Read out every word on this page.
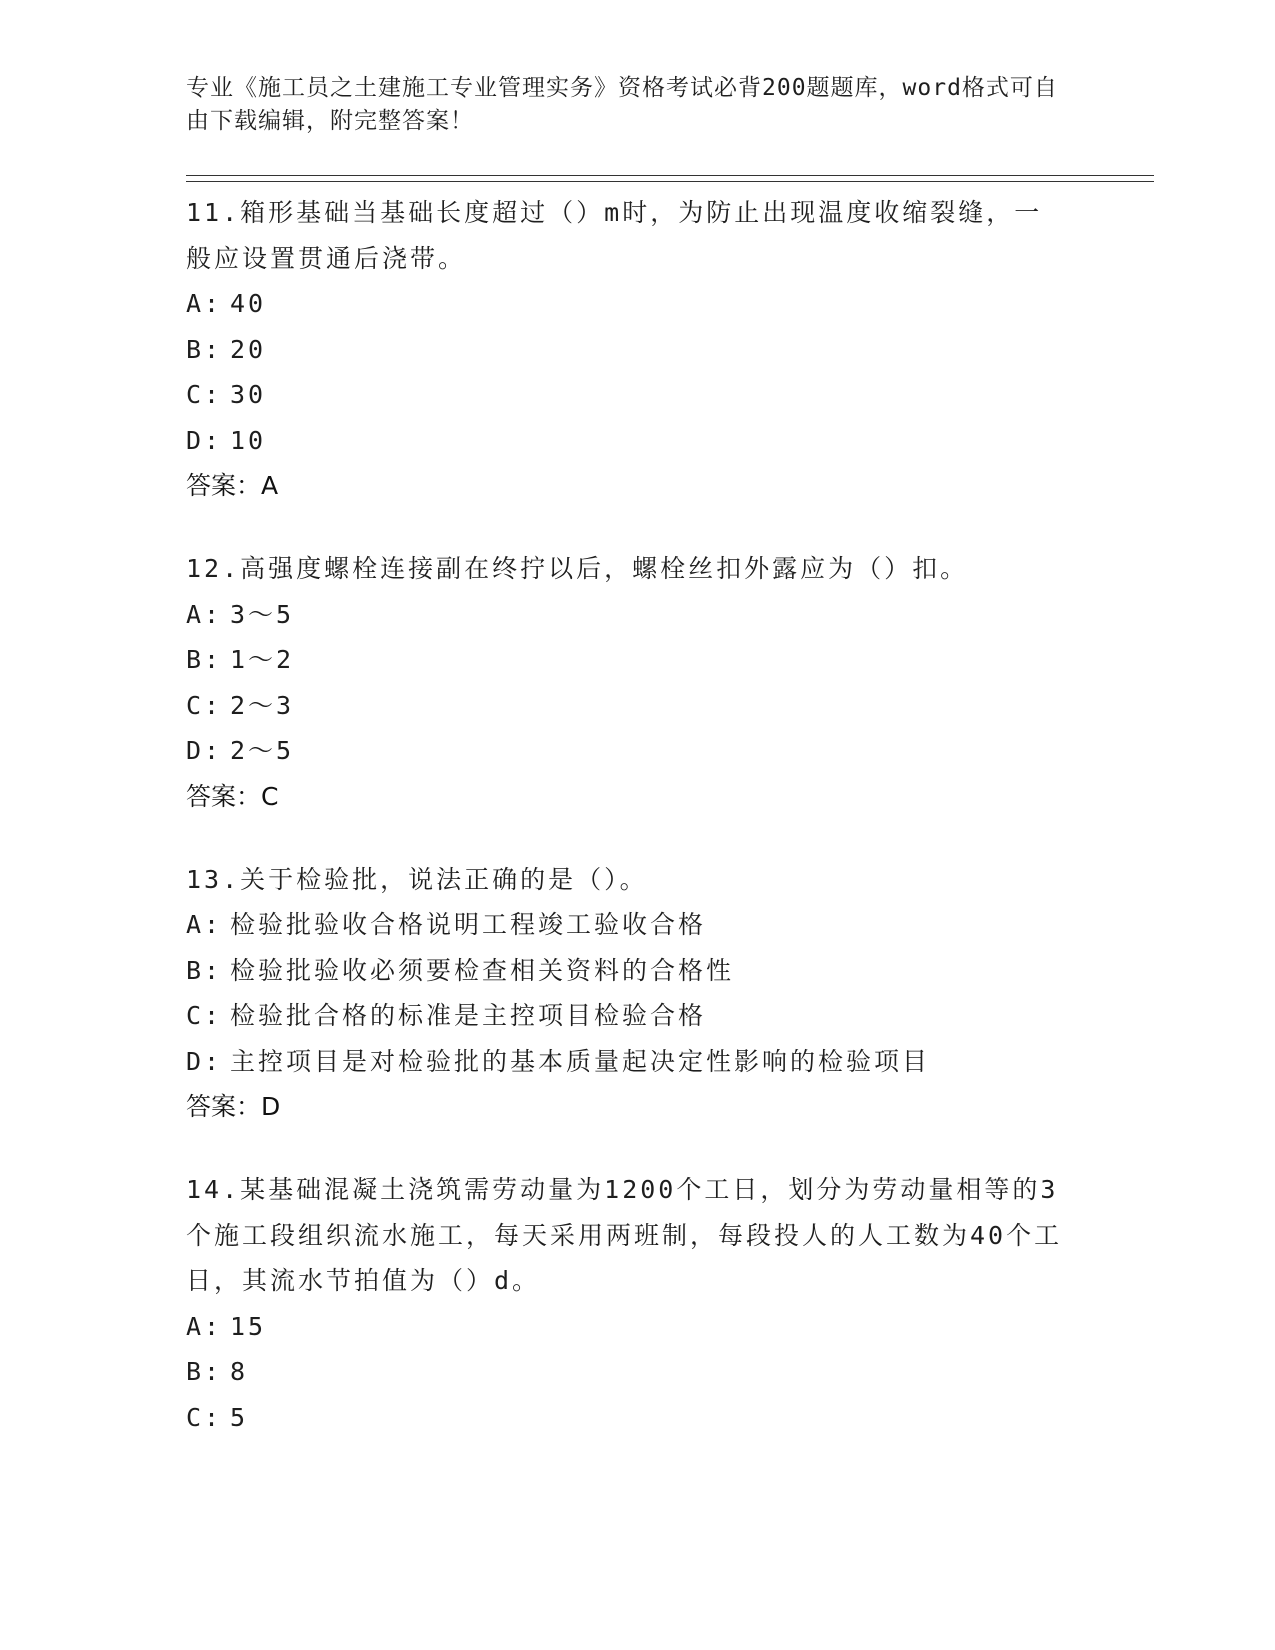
专业《施工员之土建施工专业管理实务》资格考试必背200题题库，word格式可自由下载编辑，附完整答案！

11.箱形基础当基础长度超过（）m时，为防止出现温度收缩裂缝，一般应设置贯通后浇带。

A: 40

B: 20

C: 30

D: 10

答案：A

12.高强度螺栓连接副在终拧以后，螺栓丝扣外露应为（）扣。

A: 3～5

B: 1～2

C: 2～3

D: 2～5

答案：C

13.关于检验批，说法正确的是（）。

A: 检验批验收合格说明工程竣工验收合格

B: 检验批验收必须要检查相关资料的合格性

C: 检验批合格的标准是主控项目检验合格

D: 主控项目是对检验批的基本质量起决定性影响的检验项目

答案：D

14.某基础混凝土浇筑需劳动量为1200个工日，划分为劳动量相等的3个施工段组织流水施工，每天采用两班制，每段投人的人工数为40个工日，其流水节拍值为（）d。

A: 15

B: 8

C: 5
